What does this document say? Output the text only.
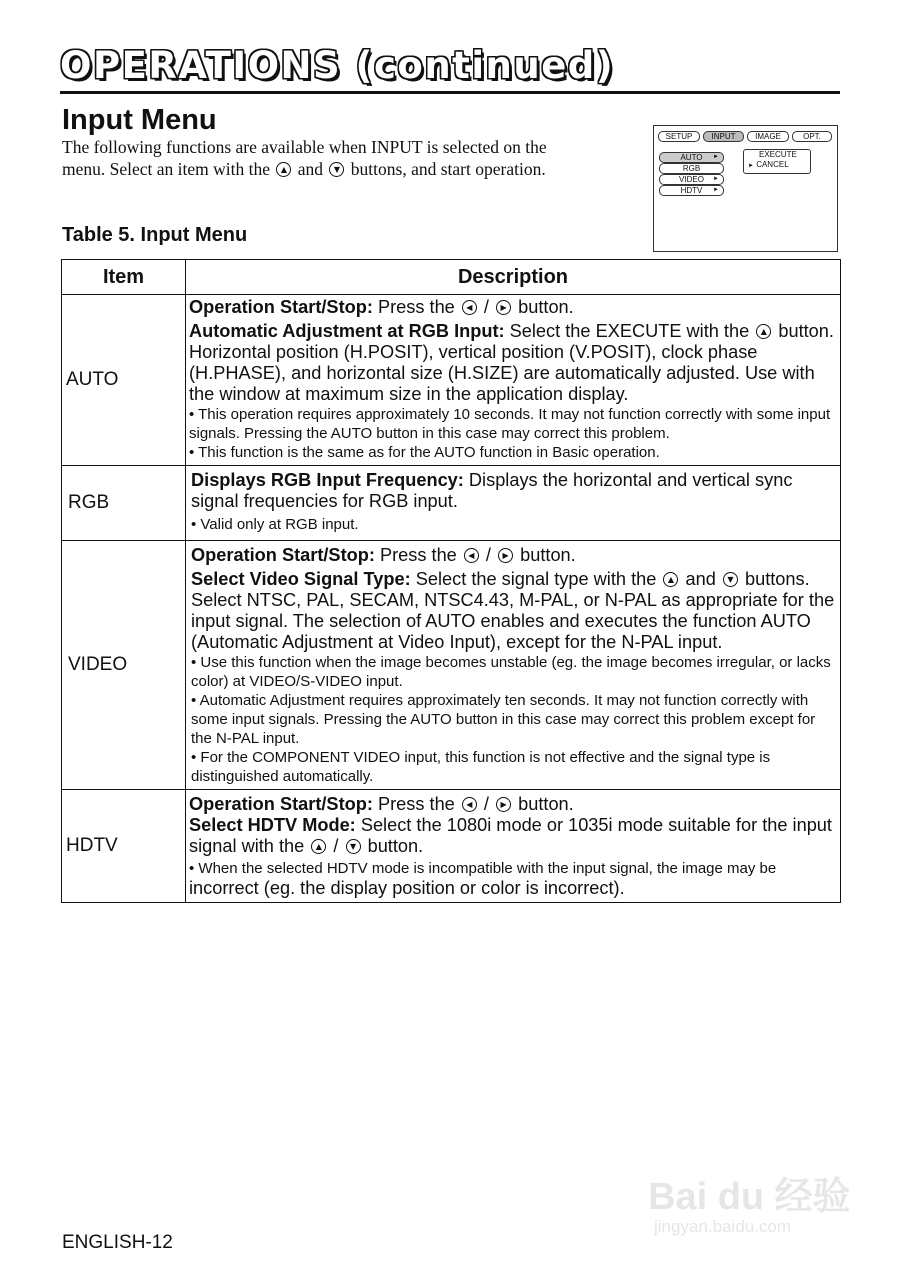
OPERATIONS (continued)
Input Menu
The following functions are available when INPUT is selected on the
menu. Select an item with the ▲ and ▼ buttons, and start operation.
SETUP	INPUT	IMAGE	OPT.
AUTO ►
RGB
VIDEO ►
HDTV ►
EXECUTE
► CANCEL
Table 5. Input Menu
Item	Description
AUTO	Operation Start/Stop: Press the ◀ / ▶ button.

Automatic Adjustment at RGB Input: Select the EXECUTE with the ▲ button. Horizontal position (H.POSIT), vertical position (V.POSIT), clock phase (H.PHASE), and horizontal size (H.SIZE) are automatically adjusted. Use with the window at maximum size in the application display.

• This operation requires approximately 10 seconds. It may not function correctly with some input signals. Pressing the AUTO button in this case may correct this problem.

• This function is the same as for the AUTO function in Basic operation.

RGB	Displays RGB Input Frequency: Displays the horizontal and vertical sync signal frequencies for RGB input.

• Valid only at RGB input.

VIDEO	Operation Start/Stop: Press the ◀ / ▶ button.

Select Video Signal Type: Select the signal type with the ▲ and ▼ buttons. Select NTSC, PAL, SECAM, NTSC4.43, M-PAL, or N-PAL as appropriate for the input signal. The selection of AUTO enables and executes the function AUTO (Automatic Adjustment at Video Input), except for the N-PAL input.

• Use this function when the image becomes unstable (eg. the image becomes irregular, or lacks color) at VIDEO/S-VIDEO input.

• Automatic Adjustment requires approximately ten seconds. It may not function correctly with some input signals. Pressing the AUTO button in this case may correct this problem except for the N-PAL input.

• For the COMPONENT VIDEO input, this function is not effective and the signal type is distinguished automatically.

HDTV	Operation Start/Stop: Press the ◀ / ▶ button.

Select HDTV Mode: Select the 1080i mode or 1035i mode suitable for the input signal with the ▲ / ▼ button.

• When the selected HDTV mode is incompatible with the input signal, the image may be incorrect (eg. the display position or color is incorrect).

ENGLISH-12
Bai du 经验
jingyan.baidu.com
